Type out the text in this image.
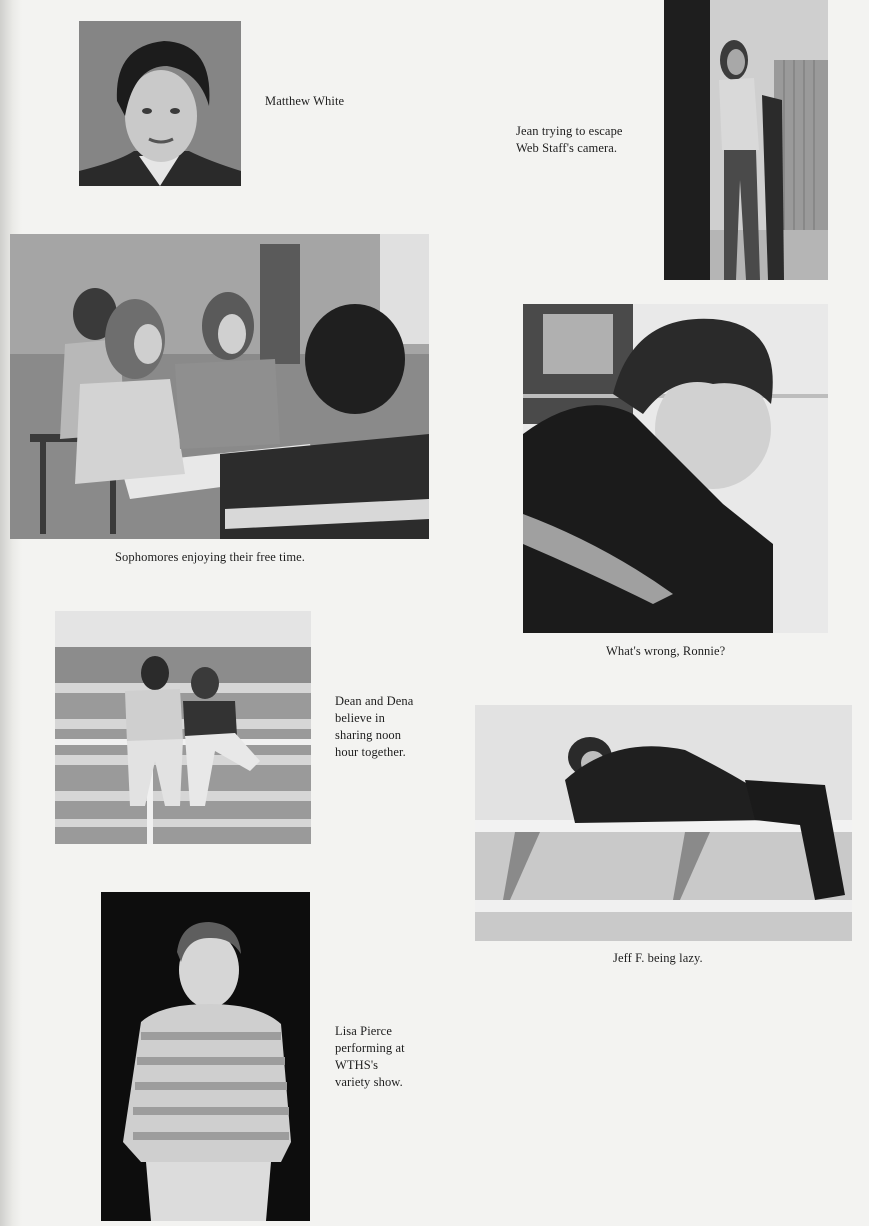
Matthew White
Jean trying to escape
Web Staff's camera.
Sophomores enjoying their free time.
What's wrong, Ronnie?
Dean and Dena
believe in
sharing noon
hour together.
Jeff F. being lazy.
Lisa Pierce
performing at
WTHS's
variety show.
